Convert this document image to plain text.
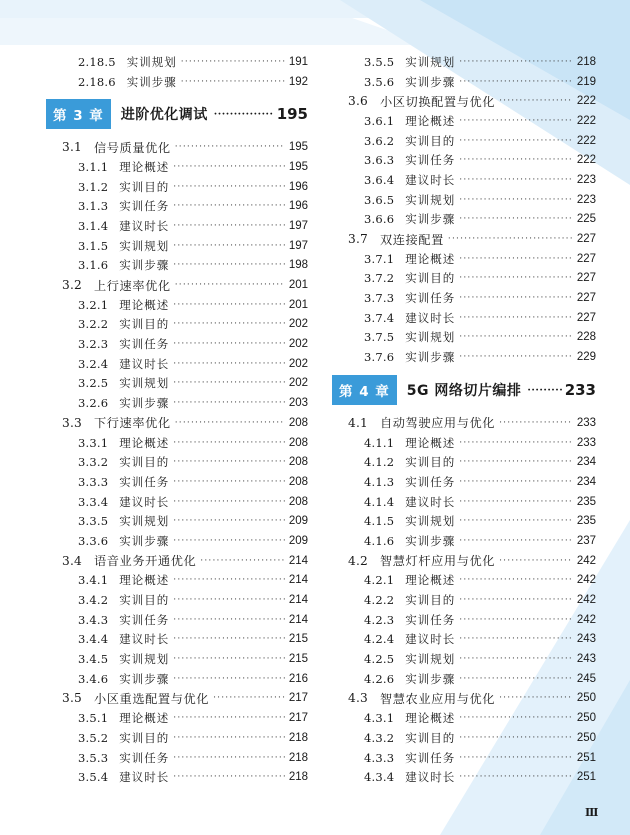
2.18.5 实训规划 ·····	191
2.18.6 实训步骤 ·····	192
第 3 章	进阶优化调试 ·····	195
3.1 信号质量优化 ·····	195
3.1.1 理论概述 ·····	195
3.1.2 实训目的 ·····	196
3.1.3 实训任务 ·····	196
3.1.4 建议时长 ·····	197
3.1.5 实训规划 ·····	197
3.1.6 实训步骤 ·····	198
3.2 上行速率优化 ·····	201
3.2.1 理论概述 ·····	201
3.2.2 实训目的 ·····	202
3.2.3 实训任务 ·····	202
3.2.4 建议时长 ·····	202
3.2.5 实训规划 ·····	202
3.2.6 实训步骤 ·····	203
3.3 下行速率优化 ·····	208
3.3.1 理论概述 ·····	208
3.3.2 实训目的 ·····	208
3.3.3 实训任务 ·····	208
3.3.4 建议时长 ·····	208
3.3.5 实训规划 ·····	209
3.3.6 实训步骤 ·····	209
3.4 语音业务开通优化 ·····	214
3.4.1 理论概述 ·····	214
3.4.2 实训目的 ·····	214
3.4.3 实训任务 ·····	214
3.4.4 建议时长 ·····	215
3.4.5 实训规划 ·····	215
3.4.6 实训步骤 ·····	216
3.5 小区重选配置与优化 ·····	217
3.5.1 理论概述 ·····	217
3.5.2 实训目的 ·····	218
3.5.3 实训任务 ·····	218
3.5.4 建议时长 ·····	218
3.5.5 实训规划 ·····	218
3.5.6 实训步骤 ·····	219
3.6 小区切换配置与优化 ·····	222
3.6.1 理论概述 ·····	222
3.6.2 实训目的 ·····	222
3.6.3 实训任务 ·····	222
3.6.4 建议时长 ·····	223
3.6.5 实训规划 ·····	223
3.6.6 实训步骤 ·····	225
3.7 双连接配置 ·····	227
3.7.1 理论概述 ·····	227
3.7.2 实训目的 ·····	227
3.7.3 实训任务 ·····	227
3.7.4 建议时长 ·····	227
3.7.5 实训规划 ·····	228
3.7.6 实训步骤 ·····	229
第 4 章	5G 网络切片编排 ·····	233
4.1 自动驾驶应用与优化 ·····	233
4.1.1 理论概述 ·····	233
4.1.2 实训目的 ·····	234
4.1.3 实训任务 ·····	234
4.1.4 建议时长 ·····	235
4.1.5 实训规划 ·····	235
4.1.6 实训步骤 ·····	237
4.2 智慧灯杆应用与优化 ·····	242
4.2.1 理论概述 ·····	242
4.2.2 实训目的 ·····	242
4.2.3 实训任务 ·····	242
4.2.4 建议时长 ·····	243
4.2.5 实训规划 ·····	243
4.2.6 实训步骤 ·····	245
4.3 智慧农业应用与优化 ·····	250
4.3.1 理论概述 ·····	250
4.3.2 实训目的 ·····	250
4.3.3 实训任务 ·····	251
4.3.4 建议时长 ·····	251
Ⅲ
